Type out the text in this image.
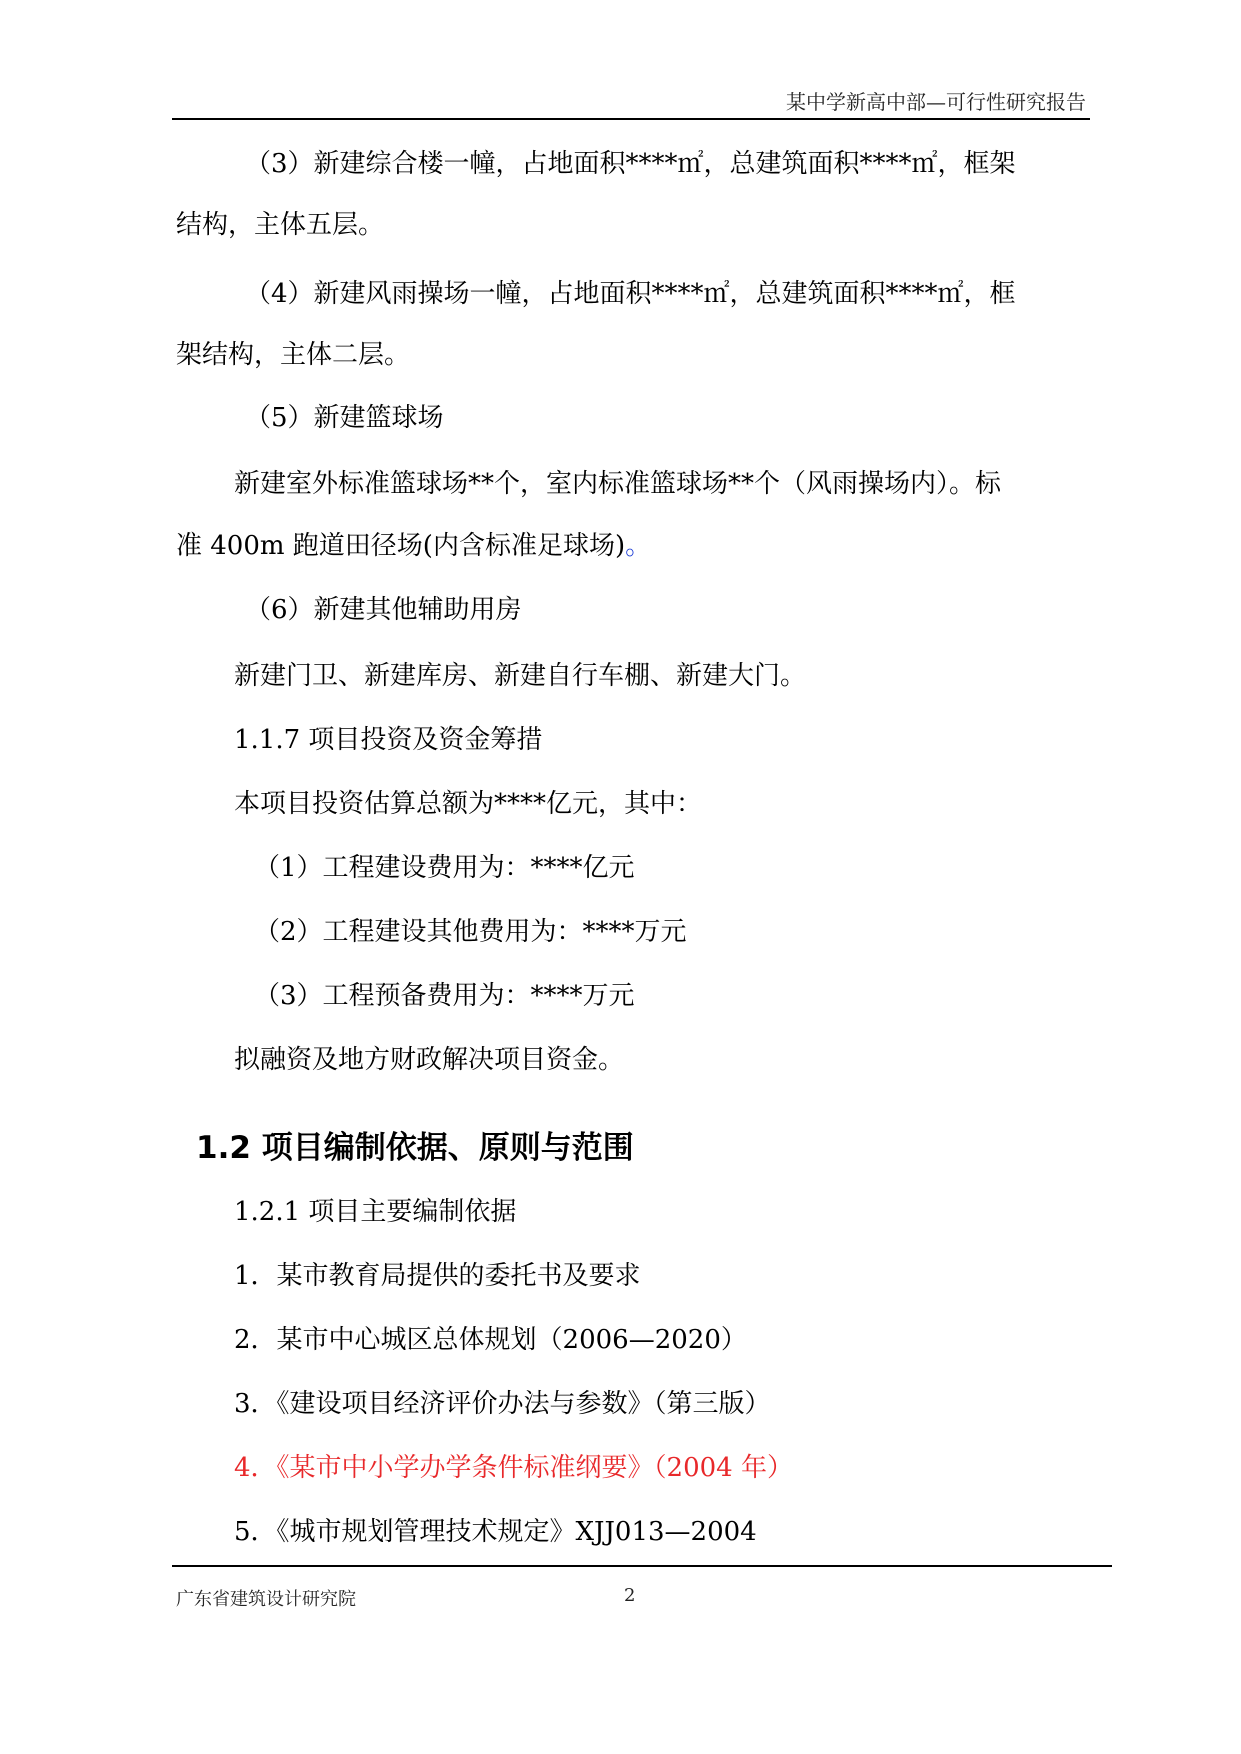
某中学新高中部—可行性研究报告
（3）新建综合楼一幢，占地面积****㎡，总建筑面积****㎡，框架
结构，主体五层。
（4）新建风雨操场一幢，占地面积****㎡，总建筑面积****㎡，框
架结构，主体二层。
（5）新建篮球场
新建室外标准篮球场**个，室内标准篮球场**个（风雨操场内）。标
准 400m 跑道田径场(内含标准足球场)。
（6）新建其他辅助用房
新建门卫、新建库房、新建自行车棚、新建大门。
1.1.7 项目投资及资金筹措
本项目投资估算总额为****亿元，其中：
（1）工程建设费用为：****亿元
（2）工程建设其他费用为：****万元
（3）工程预备费用为：****万元
拟融资及地方财政解决项目资金。
1.2 项目编制依据、原则与范围
1.2.1 项目主要编制依据
1．某市教育局提供的委托书及要求
2．某市中心城区总体规划（2006—2020）
3．《建设项目经济评价办法与参数》（第三版）
4．《某市中小学办学条件标准纲要》（2004 年）
5．《城市规划管理技术规定》XJJ013—2004
广东省建筑设计研究院	2
